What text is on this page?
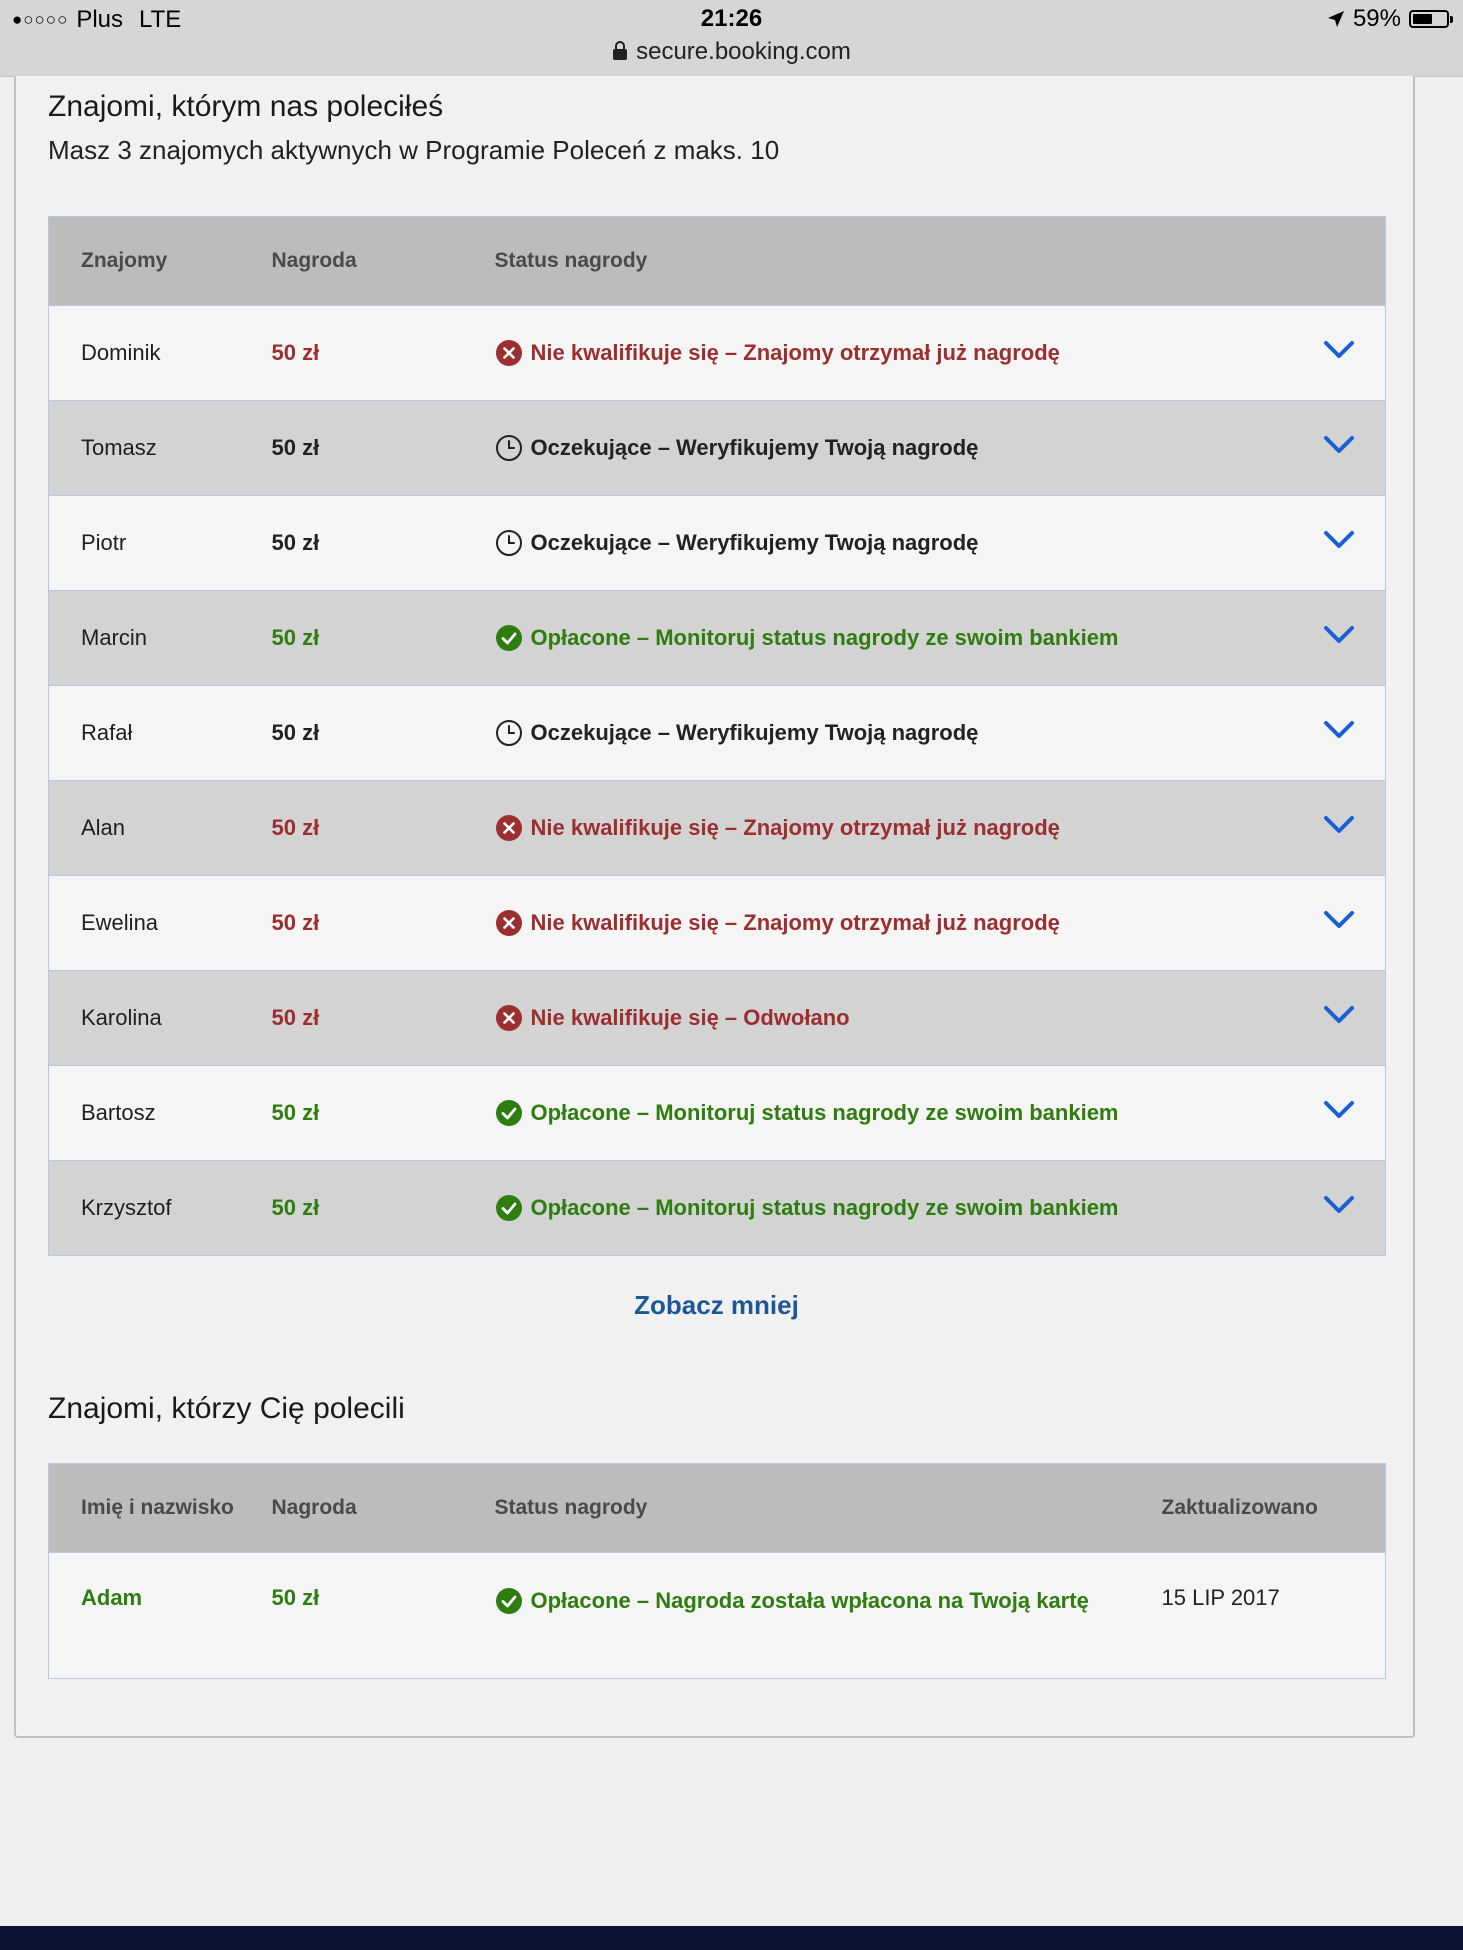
●○○○○ Plus LTE	21:26	59%
secure.booking.com
Znajomi, którym nas poleciłeś
Masz 3 znajomych aktywnych w Programie Poleceń z maks. 10
Znajomy	Nagroda	Status nagrody	
Dominik	50 zł	Nie kwalifikuje się – Znajomy otrzymał już nagrodę

Tomasz	50 zł	Oczekujące – Weryfikujemy Twoją nagrodę

Piotr	50 zł	Oczekujące – Weryfikujemy Twoją nagrodę

Marcin	50 zł	Opłacone – Monitoruj status nagrody ze swoim bankiem

Rafał	50 zł	Oczekujące – Weryfikujemy Twoją nagrodę

Alan	50 zł	Nie kwalifikuje się – Znajomy otrzymał już nagrodę

Ewelina	50 zł	Nie kwalifikuje się – Znajomy otrzymał już nagrodę

Karolina	50 zł	Nie kwalifikuje się – Odwołano

Bartosz	50 zł	Opłacone – Monitoruj status nagrody ze swoim bankiem

Krzysztof	50 zł	Opłacone – Monitoruj status nagrody ze swoim bankiem

Zobacz mniej
Znajomi, którzy Cię polecili
Imię i nazwisko	Nagroda	Status nagrody	Zaktualizowano
Adam	50 zł	Opłacone – Nagroda została wpłacona na Twoją kartę	15 LIP 2017
